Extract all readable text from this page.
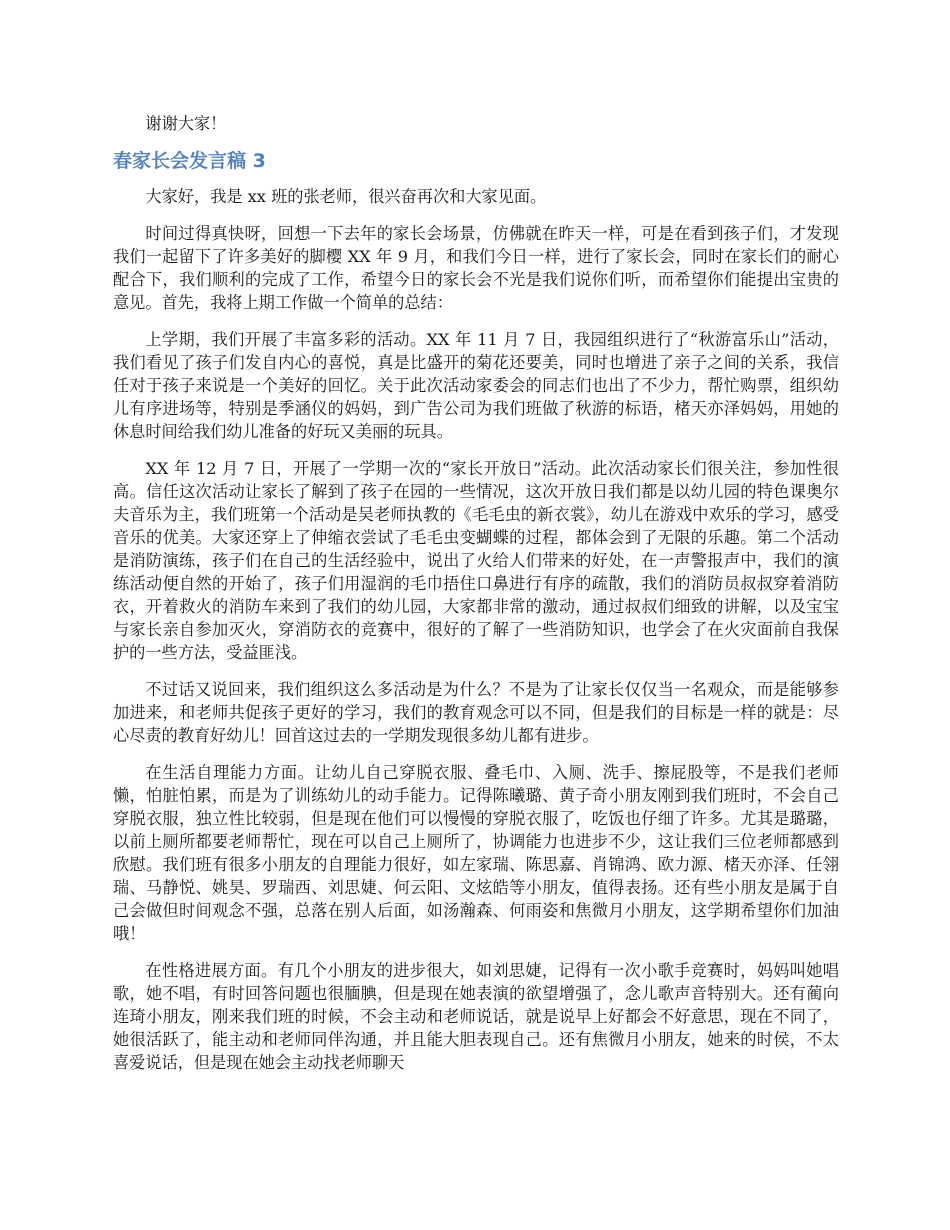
谢谢大家！

春家长会发言稿 3

大家好，我是 xx 班的张老师，很兴奋再次和大家见面。

时间过得真快呀，回想一下去年的家长会场景，仿佛就在昨天一样，可是在看到孩子们，才发现我们一起留下了许多美好的脚樱 XX 年 9 月，和我们今日一样，进行了家长会，同时在家长们的耐心配合下，我们顺利的完成了工作，希望今日的家长会不光是我们说你们听，而希望你们能提出宝贵的意见。首先，我将上期工作做一个简单的总结：

上学期，我们开展了丰富多彩的活动。XX 年 11 月 7 日，我园组织进行了“秋游富乐山”活动，我们看见了孩子们发自内心的喜悦，真是比盛开的菊花还要美，同时也增进了亲子之间的关系，我信任对于孩子来说是一个美好的回忆。关于此次活动家委会的同志们也出了不少力，帮忙购票，组织幼儿有序进场等，特别是季涵仪的妈妈，到广告公司为我们班做了秋游的标语，楮天亦泽妈妈，用她的休息时间给我们幼儿准备的好玩又美丽的玩具。

XX 年 12 月 7 日，开展了一学期一次的“家长开放日”活动。此次活动家长们很关注，参加性很高。信任这次活动让家长了解到了孩子在园的一些情况，这次开放日我们都是以幼儿园的特色课奥尔夫音乐为主，我们班第一个活动是吴老师执教的《毛毛虫的新衣裳》，幼儿在游戏中欢乐的学习，感受音乐的优美。大家还穿上了伸缩衣尝试了毛毛虫变蝴蝶的过程，都体会到了无限的乐趣。第二个活动是消防演练，孩子们在自己的生活经验中，说出了火给人们带来的好处，在一声警报声中，我们的演练活动便自然的开始了，孩子们用湿润的毛巾捂住口鼻进行有序的疏散，我们的消防员叔叔穿着消防衣，开着救火的消防车来到了我们的幼儿园，大家都非常的激动，通过叔叔们细致的讲解，以及宝宝与家长亲自参加灭火，穿消防衣的竞赛中，很好的了解了一些消防知识，也学会了在火灾面前自我保护的一些方法，受益匪浅。

不过话又说回来，我们组织这么多活动是为什么？不是为了让家长仅仅当一名观众，而是能够参加进来，和老师共促孩子更好的学习，我们的教育观念可以不同，但是我们的目标是一样的就是：尽心尽责的教育好幼儿！回首这过去的一学期发现很多幼儿都有进步。

在生活自理能力方面。让幼儿自己穿脱衣服、叠毛巾、入厕、洗手、擦屁股等，不是我们老师懒，怕脏怕累，而是为了训练幼儿的动手能力。记得陈曦璐、黄子奇小朋友刚到我们班时，不会自己穿脱衣服，独立性比较弱，但是现在他们可以慢慢的穿脱衣服了，吃饭也仔细了许多。尤其是璐璐，以前上厕所都要老师帮忙，现在可以自己上厕所了，协调能力也进步不少，这让我们三位老师都感到欣慰。我们班有很多小朋友的自理能力很好，如左家瑞、陈思嘉、肖锦鸿、欧力源、楮天亦泽、任翎瑞、马静悦、姚昊、罗瑞西、刘思婕、何云阳、文炫皓等小朋友，值得表扬。还有些小朋友是属于自己会做但时间观念不强，总落在别人后面，如汤瀚森、何雨姿和焦微月小朋友，这学期希望你们加油哦！

在性格进展方面。有几个小朋友的进步很大，如刘思婕，记得有一次小歌手竞赛时，妈妈叫她唱歌，她不唱，有时回答问题也很腼腆，但是现在她表演的欲望增强了，念儿歌声音特别大。还有蔺向连琦小朋友，刚来我们班的时候，不会主动和老师说话，就是说早上好都会不好意思，现在不同了，她很活跃了，能主动和老师同伴沟通，并且能大胆表现自己。还有焦微月小朋友，她来的时侯，不太喜爱说话，但是现在她会主动找老师聊天
